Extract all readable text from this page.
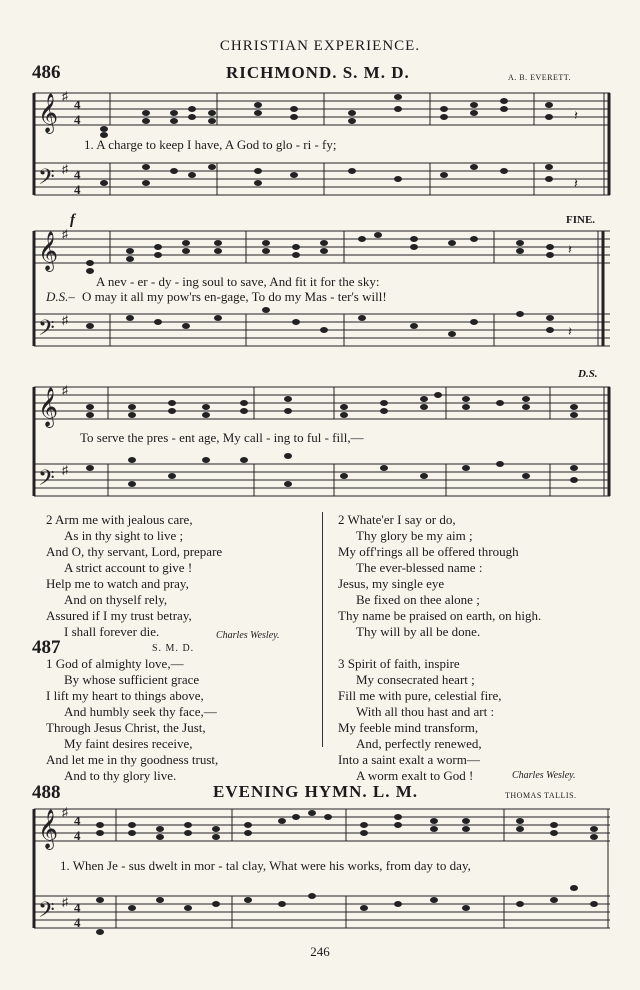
CHRISTIAN EXPERIENCE.
486	RICHMOND. S. M. D.	A. B. EVERETT.
𝄞
𝄢
♯
♯
4
4
4
4
𝄽
𝄽
1. A charge to keep I have, A God to glo - ri - fy;
f	FINE.
𝄞
𝄢
♯
♯
𝄽
𝄽
A nev - er - dy - ing soul to save, And fit it for the sky:
D.S.– O may it all my pow'rs en-gage, To do my Mas - ter's will!
D.S.
𝄞
𝄢
♯
♯
To serve the pres - ent age, My call - ing to ful - fill,—
2 Arm me with jealous care,
As in thy sight to live ;
And O, thy servant, Lord, prepare
A strict account to give !
Help me to watch and pray,
And on thyself rely,
Assured if I my trust betray,
I shall forever die.	Charles Wesley.
487	S. M. D.
1 God of almighty love,—
By whose sufficient grace
I lift my heart to things above,
And humbly seek thy face,—
Through Jesus Christ, the Just,
My faint desires receive,
And let me in thy goodness trust,
And to thy glory live.
2 Whate'er I say or do,
Thy glory be my aim ;
My off'rings all be offered through
The ever-blessed name :
Jesus, my single eye
Be fixed on thee alone ;
Thy name be praised on earth, on high.
Thy will by all be done.
3 Spirit of faith, inspire
My consecrated heart ;
Fill me with pure, celestial fire,
With all thou hast and art :
My feeble mind transform,
And, perfectly renewed,
Into a saint exalt a worm—
A worm exalt to God !	Charles Wesley.
488	EVENING HYMN. L. M.	THOMAS TALLIS.
𝄞
𝄢
♯
♯
4
4
4
4
1. When Je - sus dwelt in mor - tal clay, What were his works, from day to day,
246
